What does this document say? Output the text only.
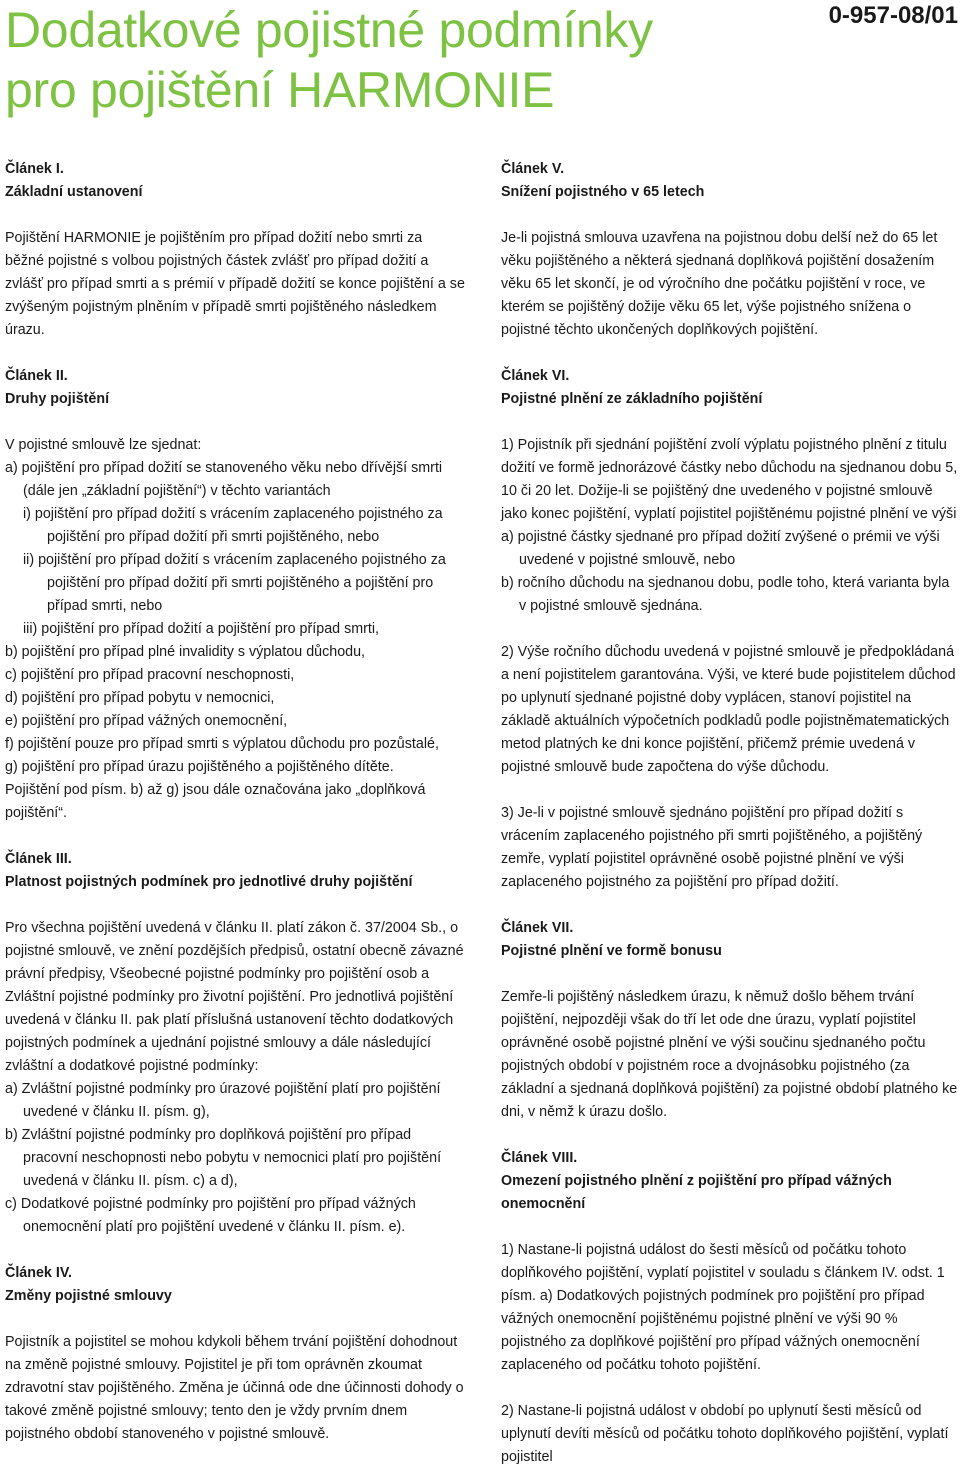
Dodatkové pojistné podmínky
pro pojištění HARMONIE
0-957-08/01
Článek I.
Základní ustanovení

Pojištění HARMONIE je pojištěním pro případ dožití nebo smrti za běžné pojistné s volbou pojistných částek zvlášť pro případ dožití a zvlášť pro případ smrti a s prémií v případě dožití se konce pojištění a se zvýšeným pojistným plněním v případě smrti pojištěného následkem úrazu.

Článek II.
Druhy pojištění

V pojistné smlouvě lze sjednat:

a) pojištění pro případ dožití se stanoveného věku nebo dřívější smrti (dále jen „základní pojištění“) v těchto variantách

i) pojištění pro případ dožití s vrácením zaplaceného pojistného za pojištění pro případ dožití při smrti pojištěného, nebo

ii) pojištění pro případ dožití s vrácením zaplaceného pojistného za pojištění pro případ dožití při smrti pojištěného a pojištění pro případ smrti, nebo

iii) pojištění pro případ dožití a pojištění pro případ smrti,

b) pojištění pro případ plné invalidity s výplatou důchodu,

c) pojištění pro případ pracovní neschopnosti,

d) pojištění pro případ pobytu v nemocnici,

e) pojištění pro případ vážných onemocnění,

f) pojištění pouze pro případ smrti s výplatou důchodu pro pozůstalé,

g) pojištění pro případ úrazu pojištěného a pojištěného dítěte.

Pojištění pod písm. b) až g) jsou dále označována jako „doplňková pojištění“.

Článek III.
Platnost pojistných podmínek pro jednotlivé druhy pojištění

Pro všechna pojištění uvedená v článku II. platí zákon č. 37/2004 Sb., o pojistné smlouvě, ve znění pozdějších předpisů, ostatní obecně závazné právní předpisy, Všeobecné pojistné podmínky pro pojištění osob a Zvláštní pojistné podmínky pro životní pojištění. Pro jednotlivá pojištění uvedená v článku II. pak platí příslušná ustanovení těchto dodatkových pojistných podmínek a ujednání pojistné smlouvy a dále následující zvláštní a dodatkové pojistné podmínky:

a) Zvláštní pojistné podmínky pro úrazové pojištění platí pro pojištění uvedené v článku II. písm. g),

b) Zvláštní pojistné podmínky pro doplňková pojištění pro případ pracovní neschopnosti nebo pobytu v nemocnici platí pro pojištění uvedená v článku II. písm. c) a d),

c) Dodatkové pojistné podmínky pro pojištění pro případ vážných onemocnění platí pro pojištění uvedené v článku II. písm. e).

Článek IV.
Změny pojistné smlouvy

Pojistník a pojistitel se mohou kdykoli během trvání pojištění dohodnout na změně pojistné smlouvy. Pojistitel je při tom oprávněn zkoumat zdravotní stav pojištěného. Změna je účinná ode dne účinnosti dohody o takové změně pojistné smlouvy; tento den je vždy prvním dnem pojistného období stanoveného v pojistné smlouvě.

Článek V.
Snížení pojistného v 65 letech

Je-li pojistná smlouva uzavřena na pojistnou dobu delší než do 65 let věku pojištěného a některá sjednaná doplňková pojištění dosažením věku 65 let skončí, je od výročního dne počátku pojištění v roce, ve kterém se pojištěný dožije věku 65 let, výše pojistného snížena o pojistné těchto ukončených doplňkových pojištění.

Článek VI.
Pojistné plnění ze základního pojištění

1) Pojistník při sjednání pojištění zvolí výplatu pojistného plnění z titulu dožití ve formě jednorázové částky nebo důchodu na sjednanou dobu 5, 10 či 20 let. Dožije-li se pojištěný dne uvedeného v pojistné smlouvě jako konec pojištění, vyplatí pojistitel pojištěnému pojistné plnění ve výši

a) pojistné částky sjednané pro případ dožití zvýšené o prémii ve výši uvedené v pojistné smlouvě, nebo

b) ročního důchodu na sjednanou dobu, podle toho, která varianta byla v pojistné smlouvě sjednána.

2) Výše ročního důchodu uvedená v pojistné smlouvě je předpokládaná a není pojistitelem garantována. Výši, ve které bude pojistitelem důchod po uplynutí sjednané pojistné doby vyplácen, stanoví pojistitel na základě aktuálních výpočetních podkladů podle pojistněmatematických metod platných ke dni konce pojištění, přičemž prémie uvedená v pojistné smlouvě bude započtena do výše důchodu.

3) Je-li v pojistné smlouvě sjednáno pojištění pro případ dožití s vrácením zaplaceného pojistného při smrti pojištěného, a pojištěný zemře, vyplatí pojistitel oprávněné osobě pojistné plnění ve výši zaplaceného pojistného za pojištění pro případ dožití.

Článek VII.
Pojistné plnění ve formě bonusu

Zemře-li pojištěný následkem úrazu, k němuž došlo během trvání pojištění, nejpozději však do tří let ode dne úrazu, vyplatí pojistitel oprávněné osobě pojistné plnění ve výši součinu sjednaného počtu pojistných období v pojistném roce a dvojnásobku pojistného (za základní a sjednaná doplňková pojištění) za pojistné období platného ke dni, v němž k úrazu došlo.

Článek VIII.
Omezení pojistného plnění z pojištění pro případ vážných onemocnění

1) Nastane-li pojistná událost do šesti měsíců od počátku tohoto doplňkového pojištění, vyplatí pojistitel v souladu s článkem IV. odst. 1 písm. a) Dodatkových pojistných podmínek pro pojištění pro případ vážných onemocnění pojištěnému pojistné plnění ve výši 90 % pojistného za doplňkové pojištění pro případ vážných onemocnění zaplaceného od počátku tohoto pojištění.

2) Nastane-li pojistná událost v období po uplynutí šesti měsíců od uplynutí devíti měsíců od počátku tohoto doplňkového pojištění, vyplatí pojistitel
